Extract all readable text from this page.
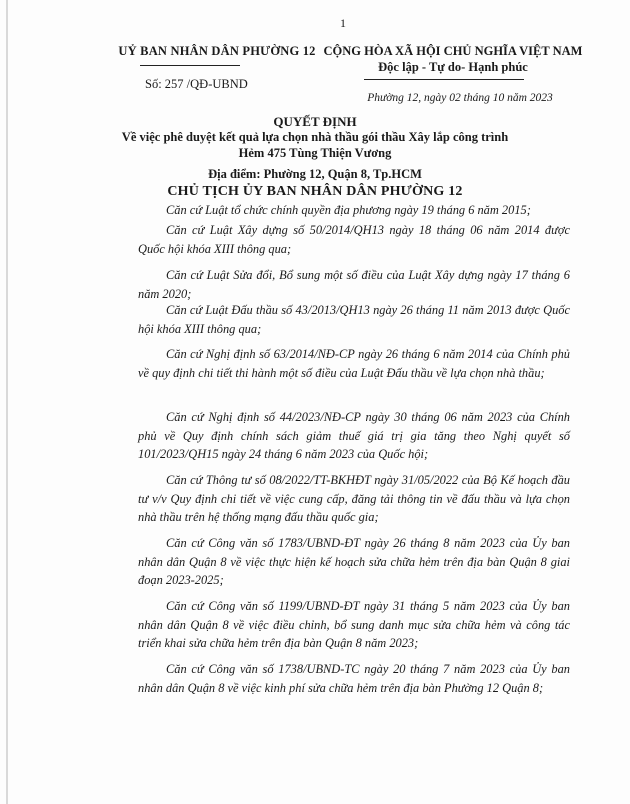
1
UỶ BAN NHÂN DÂN PHƯỜNG 12
Số: 257 /QĐ-UBND
CỘNG HÒA XÃ HỘI CHỦ NGHĨA VIỆT NAM
Độc lập - Tự do- Hạnh phúc
Phường 12, ngày 02 tháng 10 năm 2023
QUYẾT ĐỊNH
Về việc phê duyệt kết quả lựa chọn nhà thầu gói thầu Xây lắp công trình
Hẻm 475 Tùng Thiện Vương
Địa điểm: Phường 12, Quận 8, Tp.HCM
CHỦ TỊCH ỦY BAN NHÂN DÂN PHƯỜNG 12

Căn cứ Luật tổ chức chính quyền địa phương ngày 19 tháng 6 năm 2015;

Căn cứ Luật Xây dựng số 50/2014/QH13 ngày 18 tháng 06 năm 2014 được Quốc hội khóa XIII thông qua;

Căn cứ Luật Sửa đổi, Bổ sung một số điều của Luật Xây dựng ngày 17 tháng 6 năm 2020;

Căn cứ Luật Đấu thầu số 43/2013/QH13 ngày 26 tháng 11 năm 2013 được Quốc hội khóa XIII thông qua;

Căn cứ Nghị định số 63/2014/NĐ-CP ngày 26 tháng 6 năm 2014 của Chính phủ về quy định chi tiết thi hành một số điều của Luật Đấu thầu về lựa chọn nhà thầu;

Căn cứ Nghị định số 44/2023/NĐ-CP ngày 30 tháng 06 năm 2023 của Chính phủ về Quy định chính sách giảm thuế giá trị gia tăng theo Nghị quyết số 101/2023/QH15 ngày 24 tháng 6 năm 2023 của Quốc hội;

Căn cứ Thông tư số 08/2022/TT-BKHĐT ngày 31/05/2022 của Bộ Kế hoạch đầu tư v/v Quy định chi tiết về việc cung cấp, đăng tải thông tin về đấu thầu và lựa chọn nhà thầu trên hệ thống mạng đấu thầu quốc gia;

Căn cứ Công văn số 1783/UBND-ĐT ngày 26 tháng 8 năm 2023 của Ủy ban nhân dân Quận 8 về việc thực hiện kế hoạch sửa chữa hẻm trên địa bàn Quận 8 giai đoạn 2023-2025;

Căn cứ Công văn số 1199/UBND-ĐT ngày 31 tháng 5 năm 2023 của Ủy ban nhân dân Quận 8 về việc điều chỉnh, bổ sung danh mục sửa chữa hẻm và công tác triển khai sửa chữa hẻm trên địa bàn Quận 8 năm 2023;

Căn cứ Công văn số 1738/UBND-TC ngày 20 tháng 7 năm 2023 của Ủy ban nhân dân Quận 8 về việc kinh phí sửa chữa hẻm trên địa bàn Phường 12 Quận 8;
